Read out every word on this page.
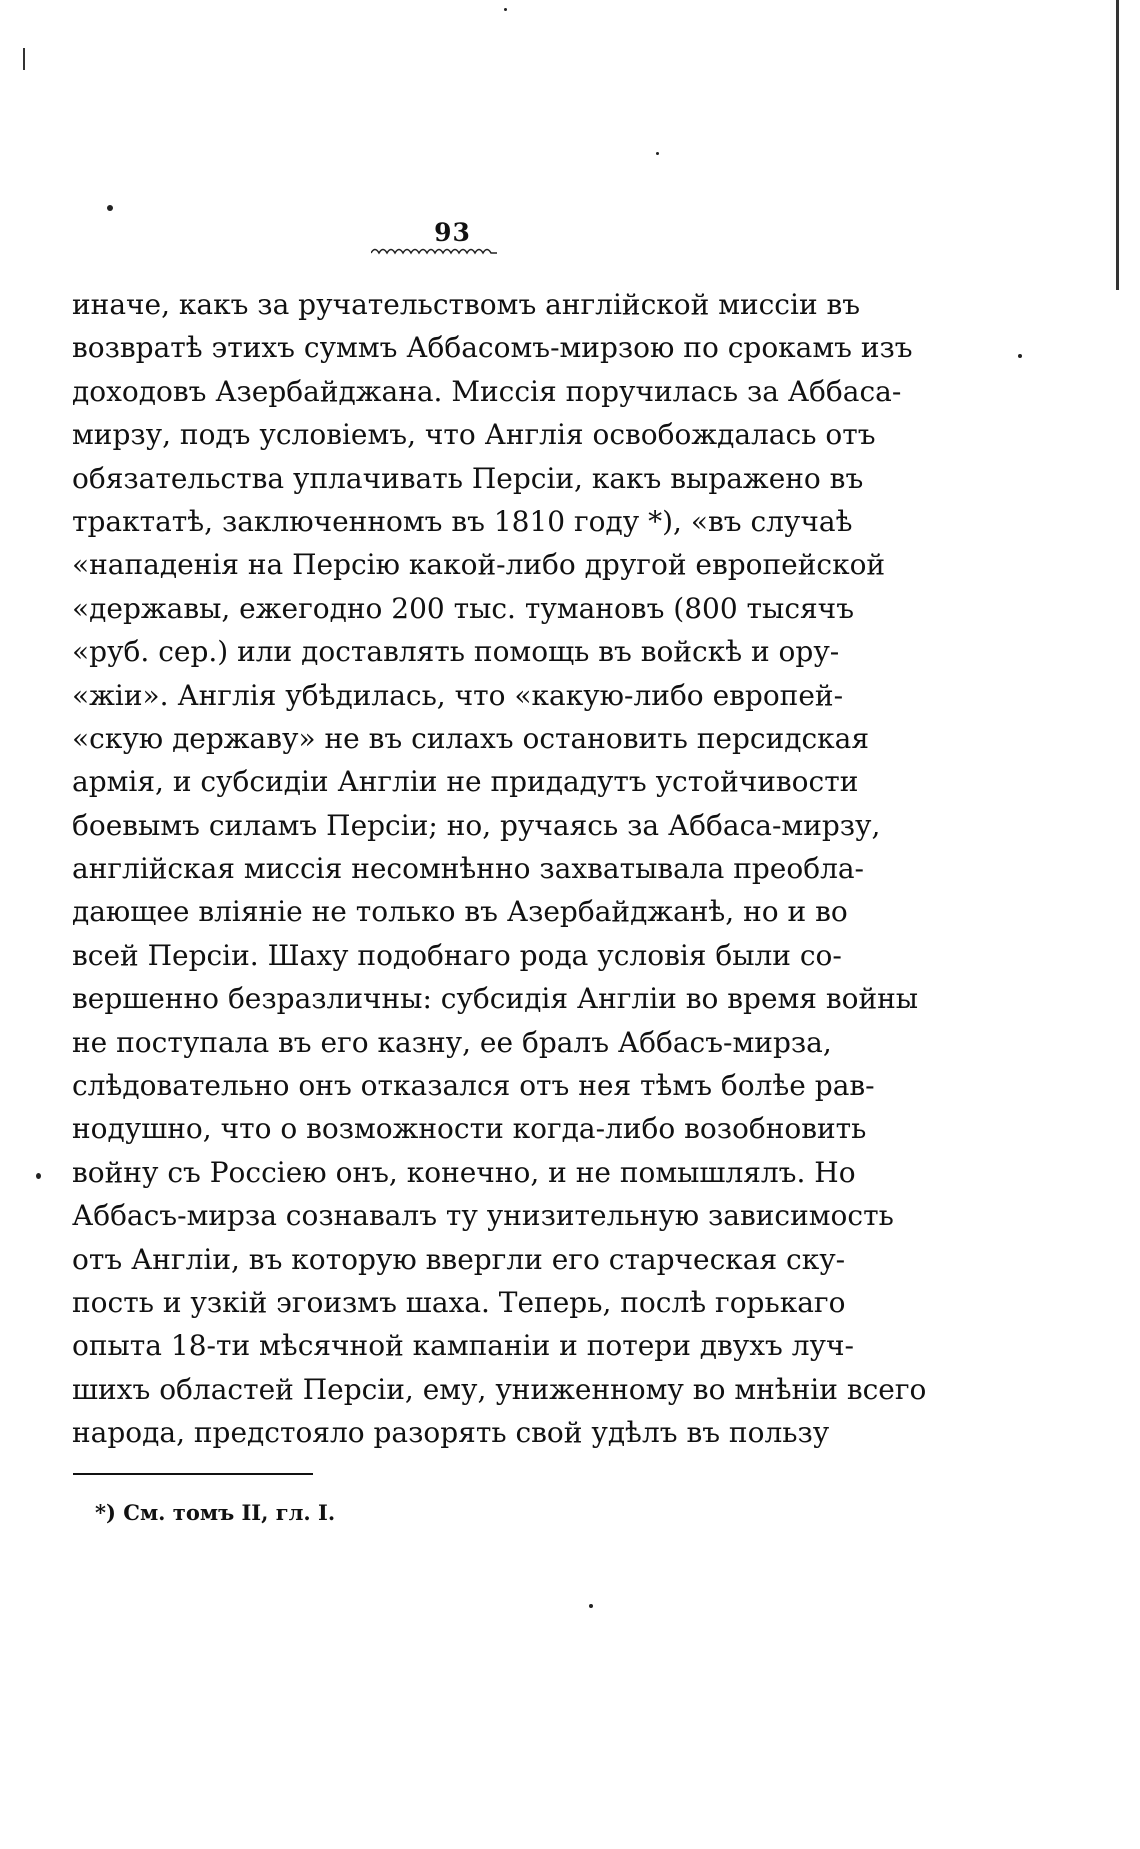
93
иначе, какъ за ручательствомъ англійской миссіи въ
возвратѣ этихъ суммъ Аббасомъ-мирзою по срокамъ изъ
доходовъ Азербайджана. Миссія поручилась за Аббаса-
мирзу, подъ условіемъ, что Англія освобождалась отъ
обязательства уплачивать Персіи, какъ выражено въ
трактатѣ, заключенномъ въ 1810 году *), «въ случаѣ
«нападенія на Персію какой-либо другой европейской
«державы, ежегодно 200 тыс. тумановъ (800 тысячъ
«руб. сер.) или доставлять помощь въ войскѣ и ору-
«жіи». Англія убѣдилась, что «какую-либо европей-
«скую державу» не въ силахъ остановить персидская
армія, и субсидіи Англіи не придадутъ устойчивости
боевымъ силамъ Персіи; но, ручаясь за Аббаса-мирзу,
англійская миссія несомнѣнно захватывала преобла-
дающее вліяніе не только въ Азербайджанѣ, но и во
всей Персіи. Шаху подобнаго рода условія были со-
вершенно безразличны: субсидія Англіи во время войны
не поступала въ его казну, ее бралъ Аббасъ-мирза,
слѣдовательно онъ отказался отъ нея тѣмъ болѣе рав-
нодушно, что о возможности когда-либо возобновить
войну съ Россіею онъ, конечно, и не помышлялъ. Но
Аббасъ-мирза сознавалъ ту унизительную зависимость
отъ Англіи, въ которую ввергли его старческая ску-
пость и узкій эгоизмъ шаха. Теперь, послѣ горькаго
опыта 18-ти мѣсячной кампаніи и потери двухъ луч-
шихъ областей Персіи, ему, униженному во мнѣніи всего
народа, предстояло разорять свой удѣлъ въ пользу
*) См. томъ II, гл. I.
